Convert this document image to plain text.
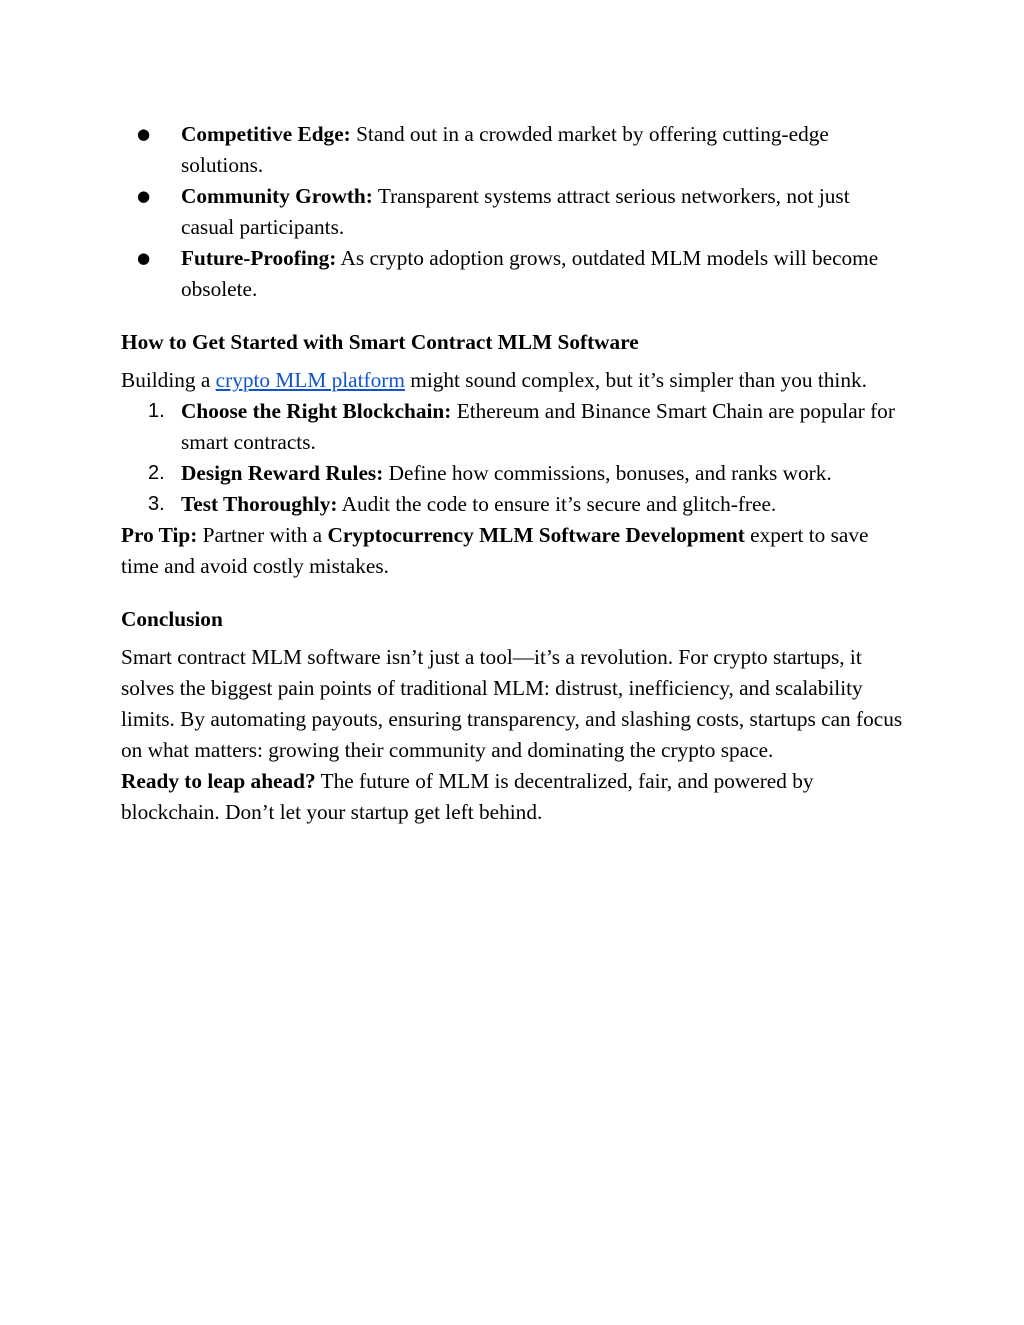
● Competitive Edge: Stand out in a crowded market by offering cutting-edge solutions.
● Community Growth: Transparent systems attract serious networkers, not just casual participants.
● Future-Proofing: As crypto adoption grows, outdated MLM models will become obsolete.
How to Get Started with Smart Contract MLM Software

Building a crypto MLM platform might sound complex, but it’s simpler than you think.

1. Choose the Right Blockchain: Ethereum and Binance Smart Chain are popular for smart contracts.
2. Design Reward Rules: Define how commissions, bonuses, and ranks work.
3. Test Thoroughly: Audit the code to ensure it’s secure and glitch-free.

Pro Tip: Partner with a Cryptocurrency MLM Software Development expert to save time and avoid costly mistakes.

Conclusion

Smart contract MLM software isn’t just a tool—it’s a revolution. For crypto startups, it solves the biggest pain points of traditional MLM: distrust, inefficiency, and scalability limits. By automating payouts, ensuring transparency, and slashing costs, startups can focus on what matters: growing their community and dominating the crypto space.

Ready to leap ahead? The future of MLM is decentralized, fair, and powered by blockchain. Don’t let your startup get left behind.
